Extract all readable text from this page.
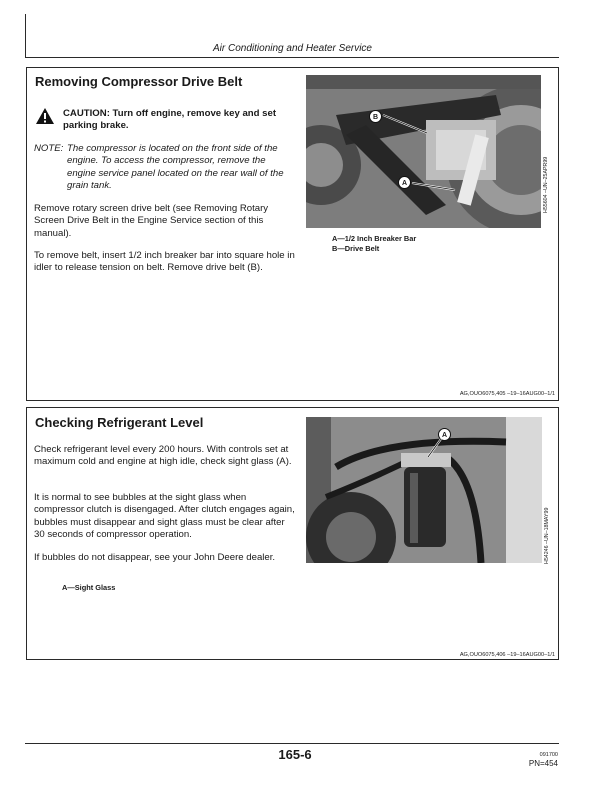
Air Conditioning and Heater Service
Removing Compressor Drive Belt
CAUTION: Turn off engine, remove key and set parking brake.
NOTE: The compressor is located on the front side of the engine. To access the compressor, remove the engine service panel located on the rear wall of the grain tank.
Remove rotary screen drive belt (see Removing Rotary Screen Drive Belt in the Engine Service section of this manual).
To remove belt, insert 1/2 inch breaker bar into square hole in idler to release tension on belt. Remove drive belt (B).
B
A	H55604 –UN–25APR99
A—1/2 Inch Breaker Bar
B—Drive Belt
AG,OUO6075,405 –19–16AUG00–1/1
Checking Refrigerant Level
Check refrigerant level every 200 hours. With controls set at maximum cold and engine at high idle, check sight glass (A).
It is normal to see bubbles at the sight glass when compressor clutch is disengaged. After clutch engages again, bubbles must disappear and sight glass must be clear after 30 seconds of compressor operation.
If bubbles do not disappear, see your John Deere dealer.
A
H54246 –UN–18MAY99
A—Sight Glass
AG,OUO6075,406 –19–16AUG00–1/1
165-6	091700
PN=454
